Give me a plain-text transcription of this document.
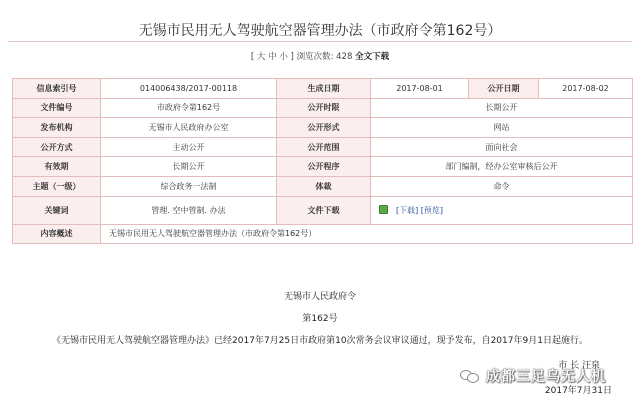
无锡市民用无人驾驶航空器管理办法（市政府令第162号）
[ 大 中 小 ] 浏览次数: 428 全文下载
信息索引号	014006438/2017-00118	生成日期	2017-08-01	公开日期	2017-08-02
文件编号	市政府令第162号	公开时限	长期公开		
发布机构	无锡市人民政府办公室	公开形式	网站		
公开方式	主动公开	公开范围	面向社会		
有效期	长期公开	公开程序	部门编制，经办公室审核后公开		
主题（一级）	综合政务一法制	体裁	命令		
关键词	管理. 空中管制. 办法	文件下载	[下载] [预览]		
内容概述	无锡市民用无人驾驶航空器管理办法（市政府令第162号）				
无锡市人民政府令
第162号
《无锡市民用无人驾驶航空器管理办法》已经2017年7月25日市政府第10次常务会议审议通过，现予发布，自2017年9月1日起施行。
市 长 汪泉
2017年7月31日
成都三足乌无人机
